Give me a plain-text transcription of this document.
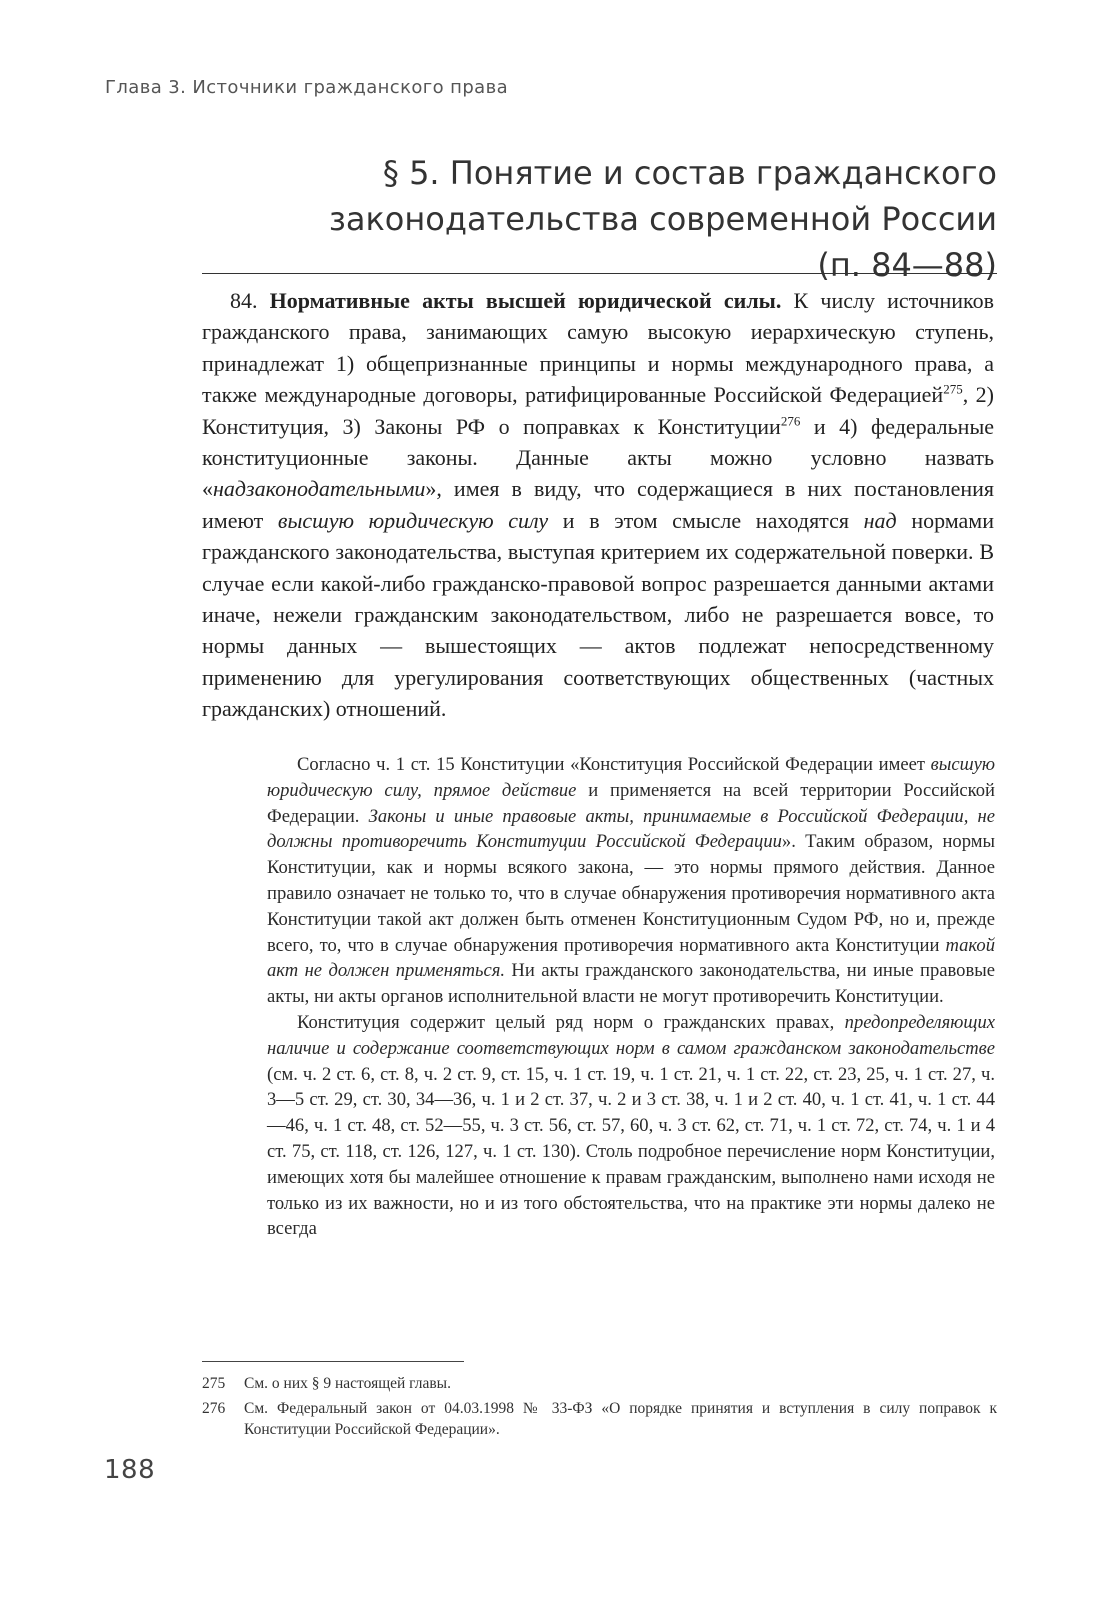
Глава 3. Источники гражданского права
§ 5. Понятие и состав гражданского
законодательства современной России
(п. 84—88)

84. Нормативные акты высшей юридической силы. К числу источников гражданского права, занимающих самую высокую иерархическую ступень, принадлежат 1) общепризнанные принципы и нормы международного права, а также международные договоры, ратифицированные Российской Федерацией$^{275}$, 2) Конституция, 3) Законы РФ о поправках к Конституции$^{276}$ и 4) федеральные конституционные законы. Данные акты можно условно назвать «надзаконодательными», имея в виду, что содержащиеся в них постановления имеют высшую юридическую силу и в этом смысле находятся над нормами гражданского законодательства, выступая критерием их содержательной поверки. В случае если какой-либо гражданско-правовой вопрос разрешается данными актами иначе, нежели гражданским законодательством, либо не разрешается вовсе, то нормы данных — вышестоящих — актов подлежат непосредственному применению для урегулирования соответствующих общественных (частных гражданских) отношений.

Согласно ч. 1 ст. 15 Конституции «Конституция Российской Федерации имеет высшую юридическую силу, прямое действие и применяется на всей территории Российской Федерации. Законы и иные правовые акты, принимаемые в Российской Федерации, не должны противоречить Конституции Российской Федерации». Таким образом, нормы Конституции, как и нормы всякого закона, — это нормы прямого действия. Данное правило означает не только то, что в случае обнаружения противоречия нормативного акта Конституции такой акт должен быть отменен Конституционным Судом РФ, но и, прежде всего, то, что в случае обнаружения противоречия нормативного акта Конституции такой акт не должен применяться. Ни акты гражданского законодательства, ни иные правовые акты, ни акты органов исполнительной власти не могут противоречить Конституции.

Конституция содержит целый ряд норм о гражданских правах, предопределяющих наличие и содержание соответствующих норм в самом гражданском законодательстве (см. ч. 2 ст. 6, ст. 8, ч. 2 ст. 9, ст. 15, ч. 1 ст. 19, ч. 1 ст. 21, ч. 1 ст. 22, ст. 23, 25, ч. 1 ст. 27, ч. 3—5 ст. 29, ст. 30, 34—36, ч. 1 и 2 ст. 37, ч. 2 и 3 ст. 38, ч. 1 и 2 ст. 40, ч. 1 ст. 41, ч. 1 ст. 44—46, ч. 1 ст. 48, ст. 52—55, ч. 3 ст. 56, ст. 57, 60, ч. 3 ст. 62, ст. 71, ч. 1 ст. 72, ст. 74, ч. 1 и 4 ст. 75, ст. 118, ст. 126, 127, ч. 1 ст. 130). Столь подробное перечисление норм Конституции, имеющих хотя бы малейшее отношение к правам гражданским, выполнено нами исходя не только из их важности, но и из того обстоятельства, что на практике эти нормы далеко не всегда

275	См. о них § 9 настоящей главы.
276	См. Федеральный закон от 04.03.1998 № 33-ФЗ «О порядке принятия и вступления в силу поправок к Конституции Российской Федерации».
188
